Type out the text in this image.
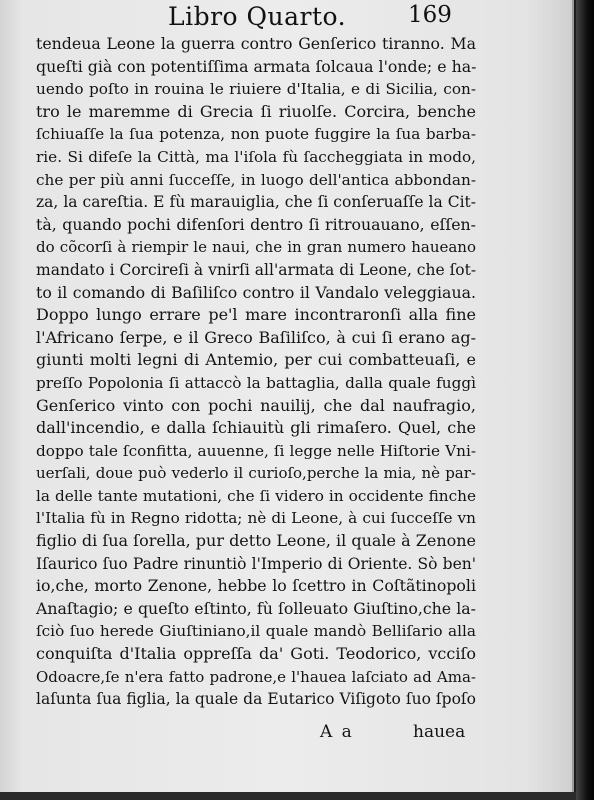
Libro Quarto.	169
tendeua Leone la guerra contro Genſerico tiranno. Ma
queſti già con potentiſſima armata ſolcaua l'onde; e ha-
uendo poſto in rouina le riuiere d'Italia, e di Sicilia, con-
tro le maremme di Grecia ſi riuolſe. Corcira, benche
ſchiuaſſe la ſua potenza, non puote fuggire la ſua barba-
rie. Si difeſe la Città, ma l'iſola fù ſaccheggiata in modo,
che per più anni ſucceſſe, in luogo dell'antica abbondan-
za, la careſtia. E fù marauiglia, che ſi conſeruaſſe la Cit-
tà, quando pochi difenſori dentro ſi ritrouauano, eſſen-
do cõcorſi à riempir le naui, che in gran numero haueano
mandato i Corcireſi à vnirſi all'armata di Leone, che ſot-
to il comando di Baſiliſco contro il Vandalo veleggiaua.
Doppo lungo errare pe'l mare incontraronſi alla fine
l'Africano ſerpe, e il Greco Baſiliſco, à cui ſi erano ag-
giunti molti legni di Antemio, per cui combatteuaſi, e
preſſo Popolonia ſi attaccò la battaglia, dalla quale fuggì
Genſerico vinto con pochi nauilij, che dal naufragio,
dall'incendio, e dalla ſchiauitù gli rimaſero. Quel, che
doppo tale ſconfitta, auuenne, ſi legge nelle Hiſtorie Vni-
uerſali, doue può vederlo il curioſo,perche la mia, nè par-
la delle tante mutationi, che ſi videro in occidente finche
l'Italia fù in Regno ridotta; nè di Leone, à cui ſucceſſe vn
figlio di ſua ſorella, pur detto Leone, il quale à Zenone
Iſaurico ſuo Padre rinuntiò l'Imperio di Oriente. Sò ben'
io,che, morto Zenone, hebbe lo ſcettro in Coſtãtinopoli
Anaſtagio; e queſto eſtinto, fù ſolleuato Giuſtino,che la-
ſciò ſuo herede Giuſtiniano,il quale mandò Belliſario alla
conquiſta d'Italia oppreſſa da' Goti. Teodorico, vcciſo
Odoacre,ſe n'era fatto padrone,e l'hauea laſciato ad Ama-
laſunta ſua figlia, la quale da Eutarico Viſigoto ſuo ſpoſo
A a	hauea
